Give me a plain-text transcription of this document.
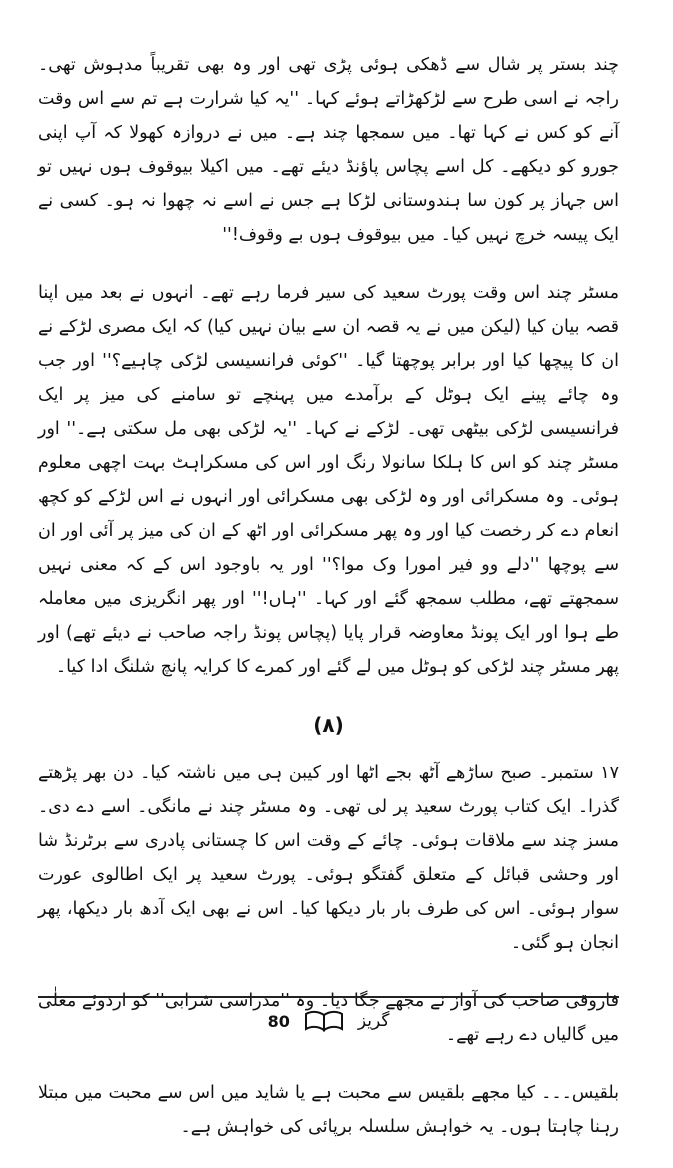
چند بستر پر شال سے ڈھکی ہوئی پڑی تھی اور وہ بھی تقریباً مدہوش تھی۔ راجہ نے اسی طرح سے لڑکھڑاتے ہوئے کہا۔ ''یہ کیا شرارت ہے تم سے اس وقت آنے کو کس نے کہا تھا۔ میں سمجھا چند ہے۔ میں نے دروازہ کھولا کہ آپ اپنی جورو کو دیکھے۔ کل اسے پچاس پاؤنڈ دیئے تھے۔ میں اکیلا بیوقوف ہوں نہیں تو اس جہاز پر کون سا ہندوستانی لڑکا ہے جس نے اسے نہ چھوا نہ ہو۔ کسی نے ایک پیسہ خرچ نہیں کیا۔ میں بیوقوف ہوں بے وقوف!''

مسٹر چند اس وقت پورٹ سعید کی سیر فرما رہے تھے۔ انہوں نے بعد میں اپنا قصہ بیان کیا (لیکن میں نے یہ قصہ ان سے بیان نہیں کیا) کہ ایک مصری لڑکے نے ان کا پیچھا کیا اور برابر پوچھتا گیا۔ ''کوئی فرانسیسی لڑکی چاہیے؟'' اور جب وہ چائے پینے ایک ہوٹل کے برآمدے میں پہنچے تو سامنے کی میز پر ایک فرانسیسی لڑکی بیٹھی تھی۔ لڑکے نے کہا۔ ''یہ لڑکی بھی مل سکتی ہے۔'' اور مسٹر چند کو اس کا ہلکا سانولا رنگ اور اس کی مسکراہٹ بہت اچھی معلوم ہوئی۔ وہ مسکرائی اور وہ لڑکی بھی مسکرائی اور انہوں نے اس لڑکے کو کچھ انعام دے کر رخصت کیا اور وہ پھر مسکرائی اور اٹھ کے ان کی میز پر آئی اور ان سے پوچھا ''دلے وو فیر امورا وک موا؟'' اور یہ باوجود اس کے کہ معنی نہیں سمجھتے تھے، مطلب سمجھ گئے اور کہا۔ ''ہاں!'' اور پھر انگریزی میں معاملہ طے ہوا اور ایک پونڈ معاوضہ قرار پایا (پچاس پونڈ راجہ صاحب نے دیئے تھے) اور پھر مسٹر چند لڑکی کو ہوٹل میں لے گئے اور کمرے کا کرایہ پانچ شلنگ ادا کیا۔

(۸)

۱۷ ستمبر۔ صبح ساڑھے آٹھ بجے اٹھا اور کیبن ہی میں ناشتہ کیا۔ دن بھر پڑھتے گذرا۔ ایک کتاب پورٹ سعید پر لی تھی۔ وہ مسٹر چند نے مانگی۔ اسے دے دی۔ مسز چند سے ملاقات ہوئی۔ چائے کے وقت اس کا چستانی پادری سے برٹرنڈ شا اور وحشی قبائل کے متعلق گفتگو ہوئی۔ پورٹ سعید پر ایک اطالوی عورت سوار ہوئی۔ اس کی طرف بار بار دیکھا کیا۔ اس نے بھی ایک آدھ بار دیکھا، پھر انجان ہو گئی۔

فاروقی صاحب کی آواز نے مجھے جگا دیا۔ وہ ''مدراسی شرابی'' کو اردوئے معلٰی میں گالیاں دے رہے تھے۔

بلقیس۔۔۔ کیا مجھے بلقیس سے محبت ہے یا شاید میں اس سے محبت میں مبتلا رہنا چاہتا ہوں۔ یہ خواہش سلسلہ برپائی کی خواہش ہے۔

80	گریز
